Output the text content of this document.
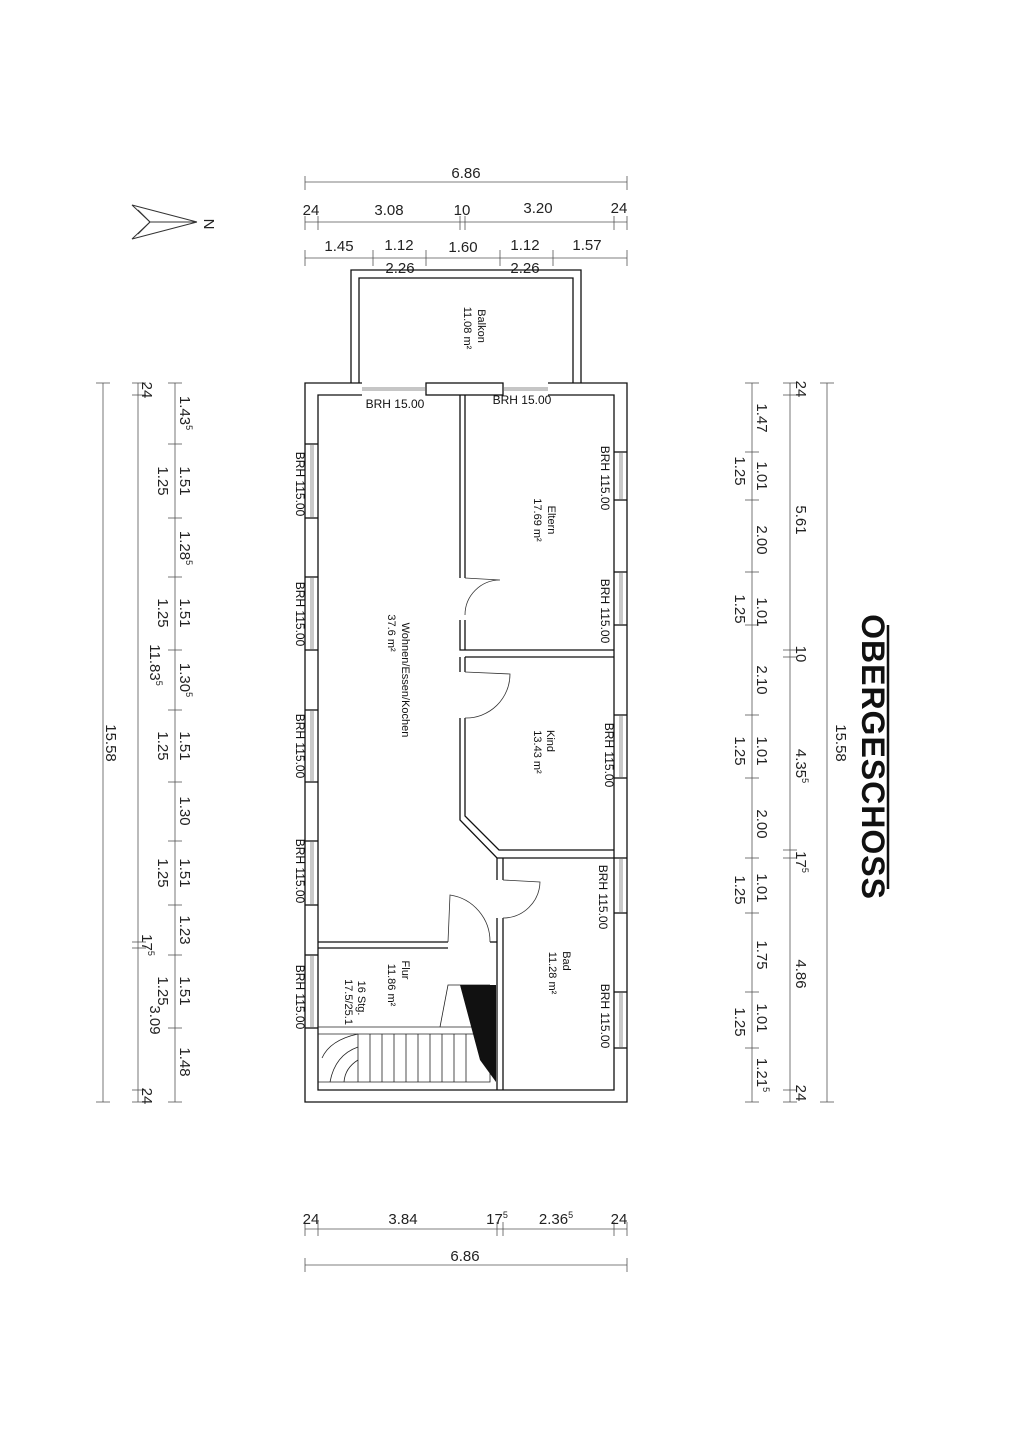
N
6.86
24	3.08	10	3.20	24
1.45 1.12 1.60 1.12 1.57
2.26	2.26
Balkon
11.08 m²
BRH 15.00	BRH 15.00
BRH 115.00
BRH 115.00
BRH 115.00
BRH 115.00
BRH 115.00
BRH 115.00
BRH 115.00
BRH 115.00
BRH 115.00
BRH 115.00
Eltern
17.69 m²
Wohnen/Essen/Kochen
37.6 m²
Kind
13.43 m²
Bad
11.28 m²
Flur
11.86 m²
16 Stg.
17.5/25.1
24	3.84	$17^5$ 2.36$^5$	24
6.86
15.58
24
11.83$^5$
$17^5$
3.09
24
1.43$^5$
1.51
1.28$^5$
1.51
1.30$^5$
1.51
1.30
1.51
1.23
1.51
1.48
1.25
1.25
1.25
1.25
1.25
15.58
24
5.61
10
4.35$^5$
$17^5$
4.86
24
1.47
1.01
2.00
1.01
2.10
1.01
2.00
1.01
1.75
1.01
1.21$^5$
1.25
1.25
1.25
1.25
1.25
OBERGESCHOSS
